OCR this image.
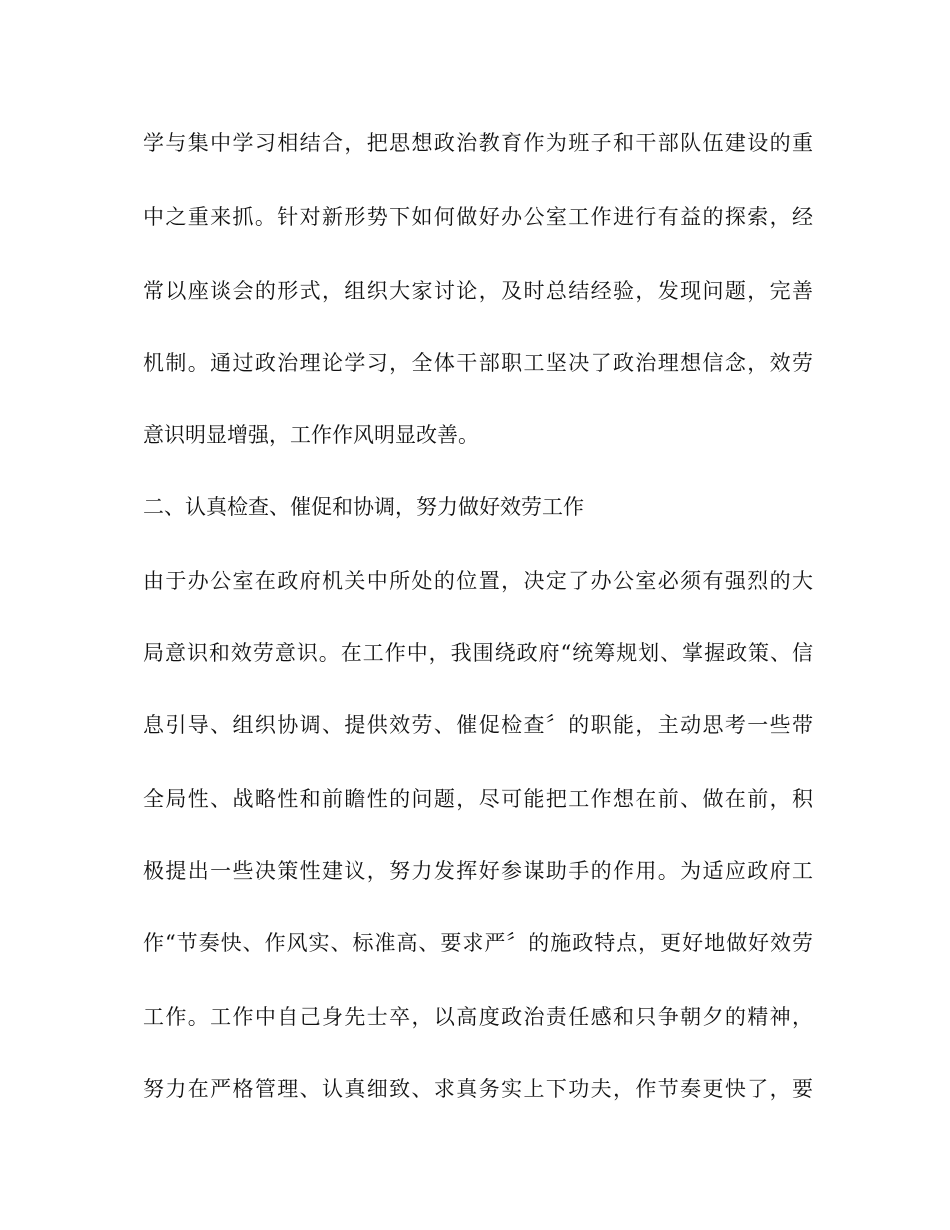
学与集中学习相结合，把思想政治教育作为班子和干部队伍建设的重
中之重来抓。针对新形势下如何做好办公室工作进行有益的探索，经
常以座谈会的形式，组织大家讨论，及时总结经验，发现问题，完善
机制。通过政治理论学习，全体干部职工坚决了政治理想信念，效劳
意识明显增强，工作作风明显改善。
二、认真检查、催促和协调，努力做好效劳工作
由于办公室在政府机关中所处的位置，决定了办公室必须有强烈的大
局意识和效劳意识。在工作中，我围绕政府“统筹规划、掌握政策、信
息引导、组织协调、提供效劳、催促检查〞的职能，主动思考一些带
全局性、战略性和前瞻性的问题，尽可能把工作想在前、做在前，积
极提出一些决策性建议，努力发挥好参谋助手的作用。为适应政府工
作“节奏快、作风实、标准高、要求严〞的施政特点，更好地做好效劳
工作。工作中自己身先士卒，以高度政治责任感和只争朝夕的精神，
努力在严格管理、认真细致、求真务实上下功夫，作节奏更快了，要
